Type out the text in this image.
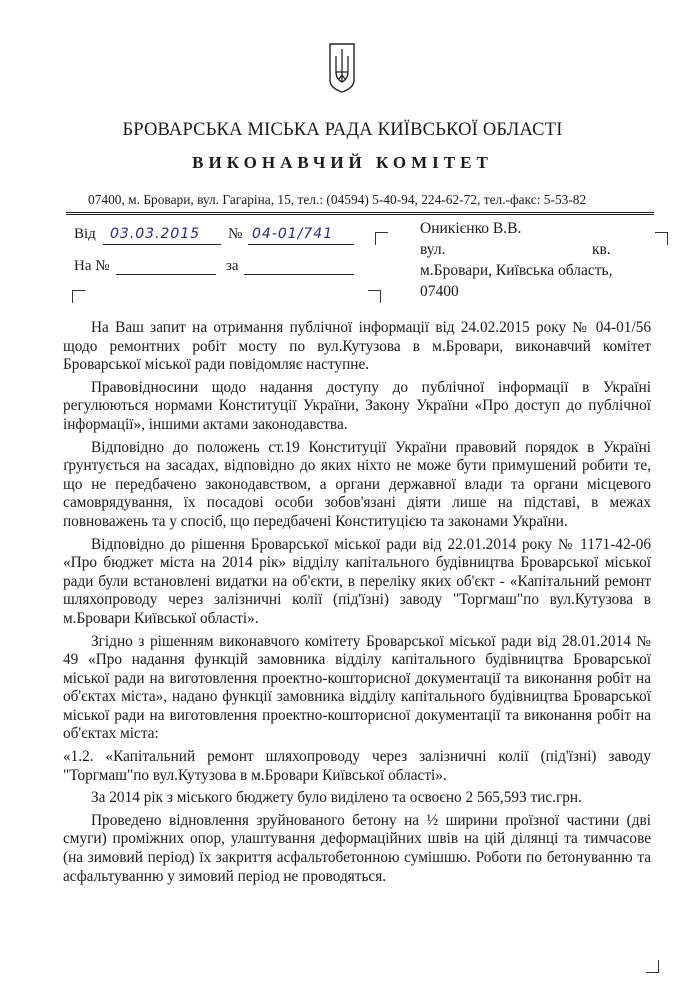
БРОВАРСЬКА МІСЬКА РАДА КИЇВСЬКОЇ ОБЛАСТІ
ВИКОНАВЧИЙ КОМІТЕТ
07400, м. Бровари, вул. Гагаріна, 15, тел.: (04594) 5-40-94, 224-62-72, тел.-факс: 5-53-82
Від 03.03.2015 № 04-01/741
На №	за
Оникієнко В.В.
вул.	кв.
м.Бровари, Київська область,
07400

На Ваш запит на отримання публічної інформації від 24.02.2015 року № 04-01/56 щодо ремонтних робіт мосту по вул.Кутузова в м.Бровари, виконавчий комітет Броварської міської ради повідомляє наступне.

Правовідносини щодо надання доступу до публічної інформації в Україні регулюються нормами Конституції України, Закону України «Про доступ до публічної інформації», іншими актами законодавства.

Відповідно до положень ст.19 Конституції України правовий порядок в Україні ґрунтується на засадах, відповідно до яких ніхто не може бути примушений робити те, що не передбачено законодавством, а органи державної влади та органи місцевого самоврядування, їх посадові особи зобов'язані діяти лише на підставі, в межах повноважень та у спосіб, що передбачені Конституцією та законами України.

Відповідно до рішення Броварської міської ради від 22.01.2014 року № 1171-42-06 «Про бюджет міста на 2014 рік» відділу капітального будівництва Броварської міської ради були встановлені видатки на об'єкти, в переліку яких об'єкт - «Капітальний ремонт шляхопроводу через залізничні колії (під'їзні) заводу "Торгмаш"по вул.Кутузова в м.Бровари Київської області».

Згідно з рішенням виконавчого комітету Броварської міської ради від 28.01.2014 № 49 «Про надання функцій замовника відділу капітального будівництва Броварської міської ради на виготовлення проектно-кошторисної документації та виконання робіт на об'єктах міста», надано функції замовника відділу капітального будівництва Броварської міської ради на виготовлення проектно-кошторисної документації та виконання робіт на об'єктах міста:

«1.2. «Капітальний ремонт шляхопроводу через залізничні колії (під'їзні) заводу "Торгмаш"по вул.Кутузова в м.Бровари Київської області».

За 2014 рік з міського бюджету було виділено та освоєно 2 565,593 тис.грн.

Проведено відновлення зруйнованого бетону на ½ ширини проїзної частини (дві смуги) проміжних опор, улаштування деформаційних швів на цій ділянці та тимчасове (на зимовий період) їх закриття асфальтобетонною сумішшю. Роботи по бетонуванню та асфальтуванню у зимовий період не проводяться.
